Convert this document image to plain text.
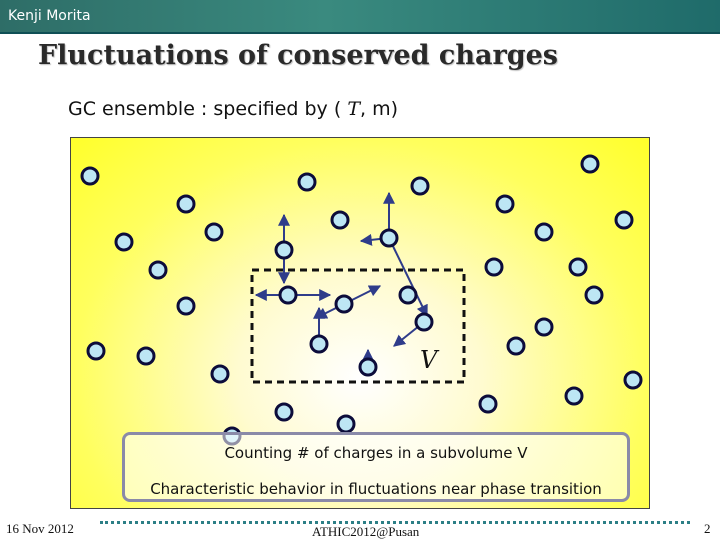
Kenji Morita
Fluctuations of conserved charges
GC ensemble : specified by ( T, m)
V
Counting # of charges in a subvolume V
Characteristic behavior in fluctuations near phase transition
16 Nov 2012	ATHIC2012@Pusan	2
